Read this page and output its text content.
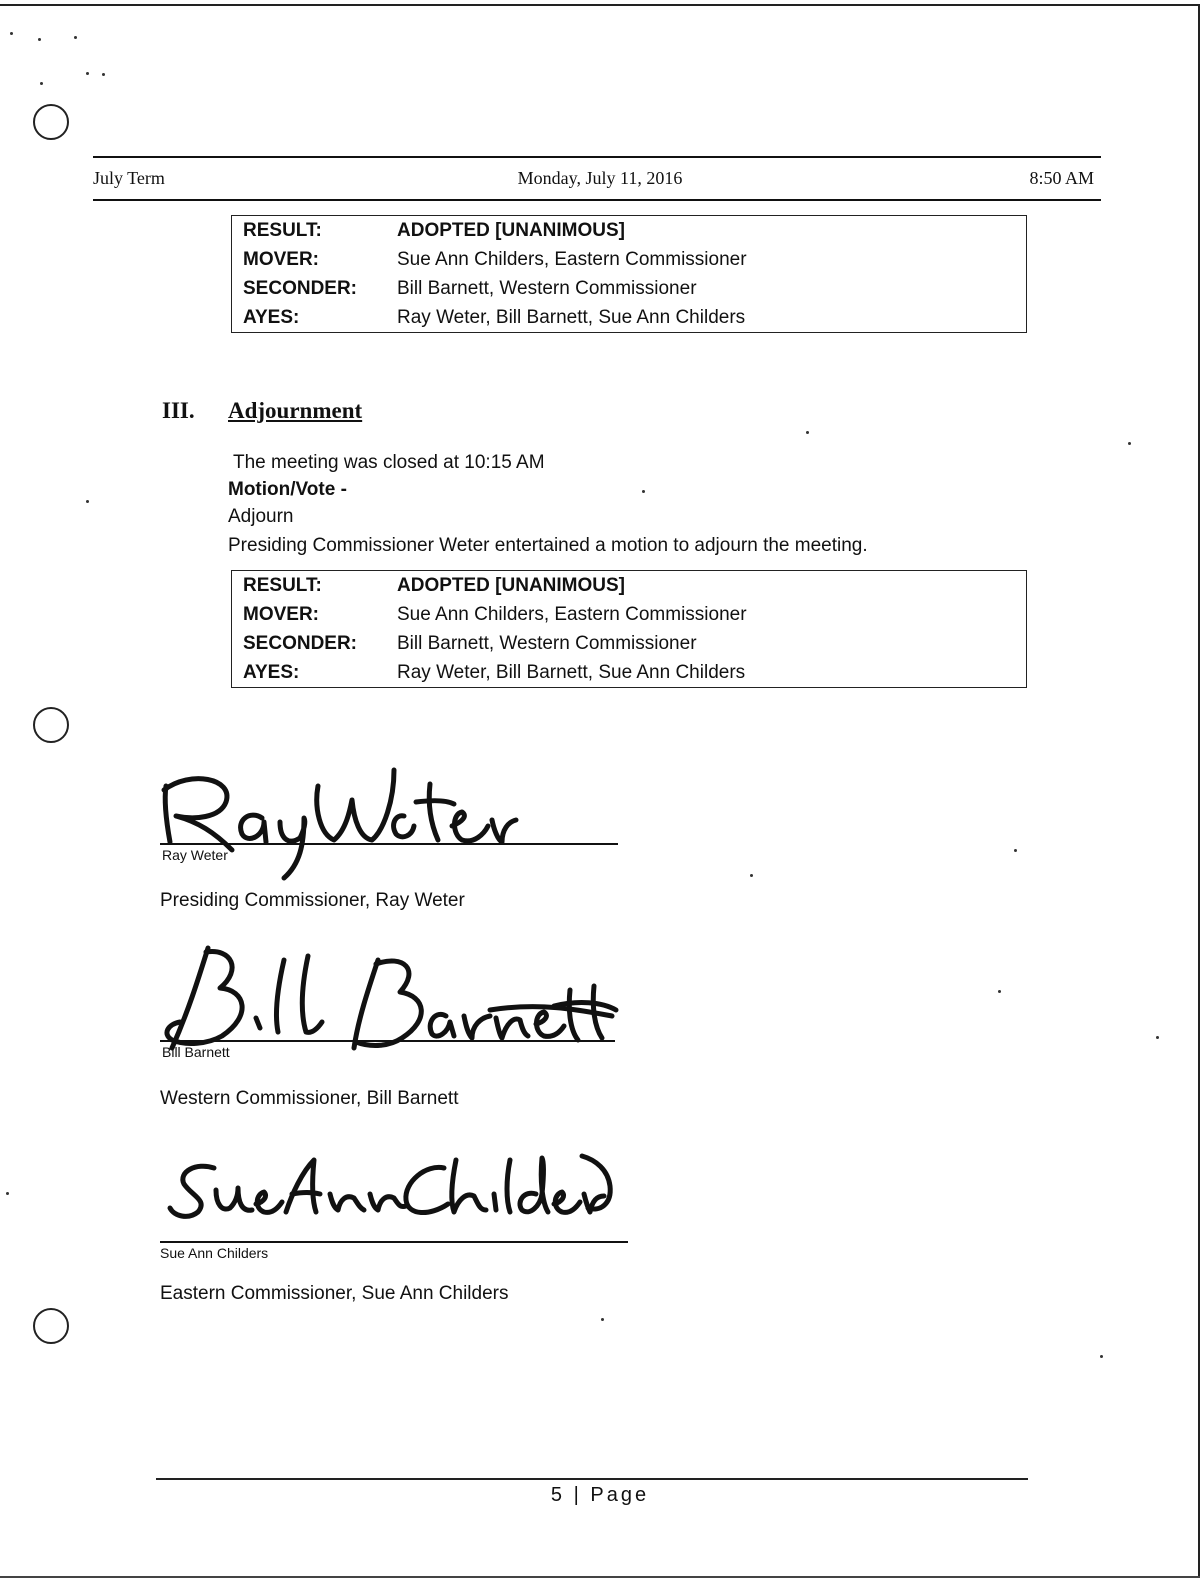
July Term	Monday, July 11, 2016	8:50 AM
RESULT:	ADOPTED [UNANIMOUS]
MOVER:	Sue Ann Childers, Eastern Commissioner
SECONDER:	Bill Barnett, Western Commissioner
AYES:	Ray Weter, Bill Barnett, Sue Ann Childers
III. Adjournment
The meeting was closed at 10:15 AM
Motion/Vote -
Adjourn
Presiding Commissioner Weter entertained a motion to adjourn the meeting.
RESULT:	ADOPTED [UNANIMOUS]
MOVER:	Sue Ann Childers, Eastern Commissioner
SECONDER:	Bill Barnett, Western Commissioner
AYES:	Ray Weter, Bill Barnett, Sue Ann Childers
Ray Weter
Presiding Commissioner, Ray Weter
Bill Barnett
Western Commissioner, Bill Barnett
Sue Ann Childers
Eastern Commissioner, Sue Ann Childers
5 | Page
